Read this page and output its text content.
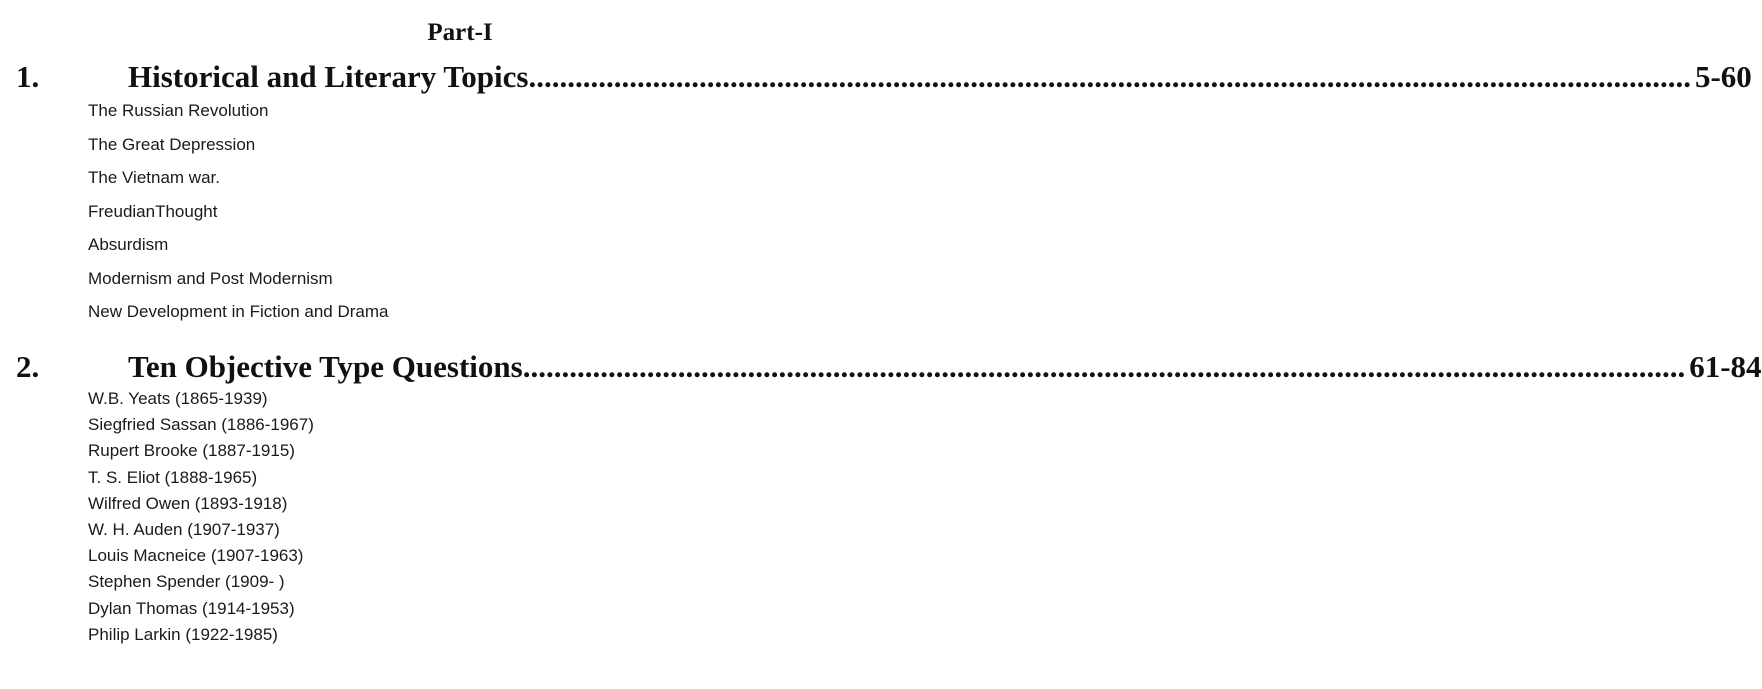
Part-I
1.	Historical and Literary Topics ...................................................................................................................................................... 5-60
The Russian Revolution
The Great Depression
The Vietnam war.
FreudianThought
Absurdism
Modernism and Post Modernism
New Development in Fiction and Drama
2.	Ten Objective Type Questions ...................................................................................................................................................... 61-84
W.B. Yeats (1865-1939)
Siegfried Sassan (1886-1967)
Rupert Brooke (1887-1915)
T. S. Eliot (1888-1965)
Wilfred Owen (1893-1918)
W. H. Auden (1907-1937)
Louis Macneice (1907-1963)
Stephen Spender (1909- )
Dylan Thomas (1914-1953)
Philip Larkin (1922-1985)
